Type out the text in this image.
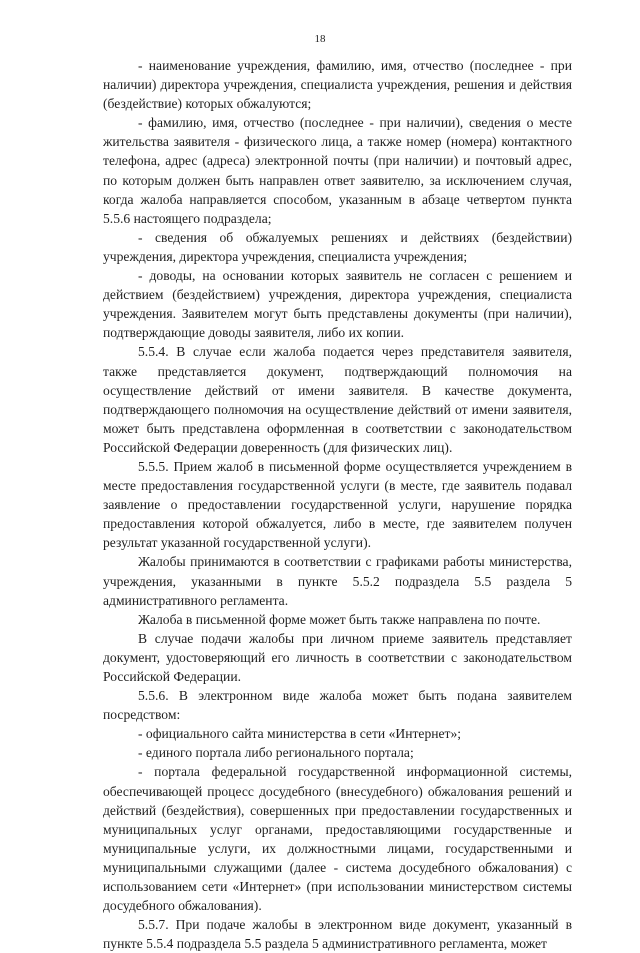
18

- наименование учреждения, фамилию, имя, отчество (последнее - при наличии) директора учреждения, специалиста учреждения, решения и действия (бездействие) которых обжалуются;

- фамилию, имя, отчество (последнее - при наличии), сведения о месте жительства заявителя - физического лица, а также номер (номера) контактного телефона, адрес (адреса) электронной почты (при наличии) и почтовый адрес, по которым должен быть направлен ответ заявителю, за исключением случая, когда жалоба направляется способом, указанным в абзаце четвертом пункта 5.5.6 настоящего подраздела;

- сведения об обжалуемых решениях и действиях (бездействии) учреждения, директора учреждения, специалиста учреждения;

- доводы, на основании которых заявитель не согласен с решением и действием (бездействием) учреждения, директора учреждения, специалиста учреждения. Заявителем могут быть представлены документы (при наличии), подтверждающие доводы заявителя, либо их копии.

5.5.4. В случае если жалоба подается через представителя заявителя, также представляется документ, подтверждающий полномочия на осуществление действий от имени заявителя. В качестве документа, подтверждающего полномочия на осуществление действий от имени заявителя, может быть представлена оформленная в соответствии с законодательством Российской Федерации доверенность (для физических лиц).

5.5.5. Прием жалоб в письменной форме осуществляется учреждением в месте предоставления государственной услуги (в месте, где заявитель подавал заявление о предоставлении государственной услуги, нарушение порядка предоставления которой обжалуется, либо в месте, где заявителем получен результат указанной государственной услуги).

Жалобы принимаются в соответствии с графиками работы министерства, учреждения, указанными в пункте 5.5.2 подраздела 5.5 раздела 5 административного регламента.

Жалоба в письменной форме может быть также направлена по почте.

В случае подачи жалобы при личном приеме заявитель представляет документ, удостоверяющий его личность в соответствии с законодательством Российской Федерации.

5.5.6. В электронном виде жалоба может быть подана заявителем посредством:

- официального сайта министерства в сети «Интернет»;

- единого портала либо регионального портала;

- портала федеральной государственной информационной системы, обеспечивающей процесс досудебного (внесудебного) обжалования решений и действий (бездействия), совершенных при предоставлении государственных и муниципальных услуг органами, предоставляющими государственные и муниципальные услуги, их должностными лицами, государственными и муниципальными служащими (далее - система досудебного обжалования) с использованием сети «Интернет» (при использовании министерством системы досудебного обжалования).

5.5.7. При подаче жалобы в электронном виде документ, указанный в пункте 5.5.4 подраздела 5.5 раздела 5 административного регламента, может
